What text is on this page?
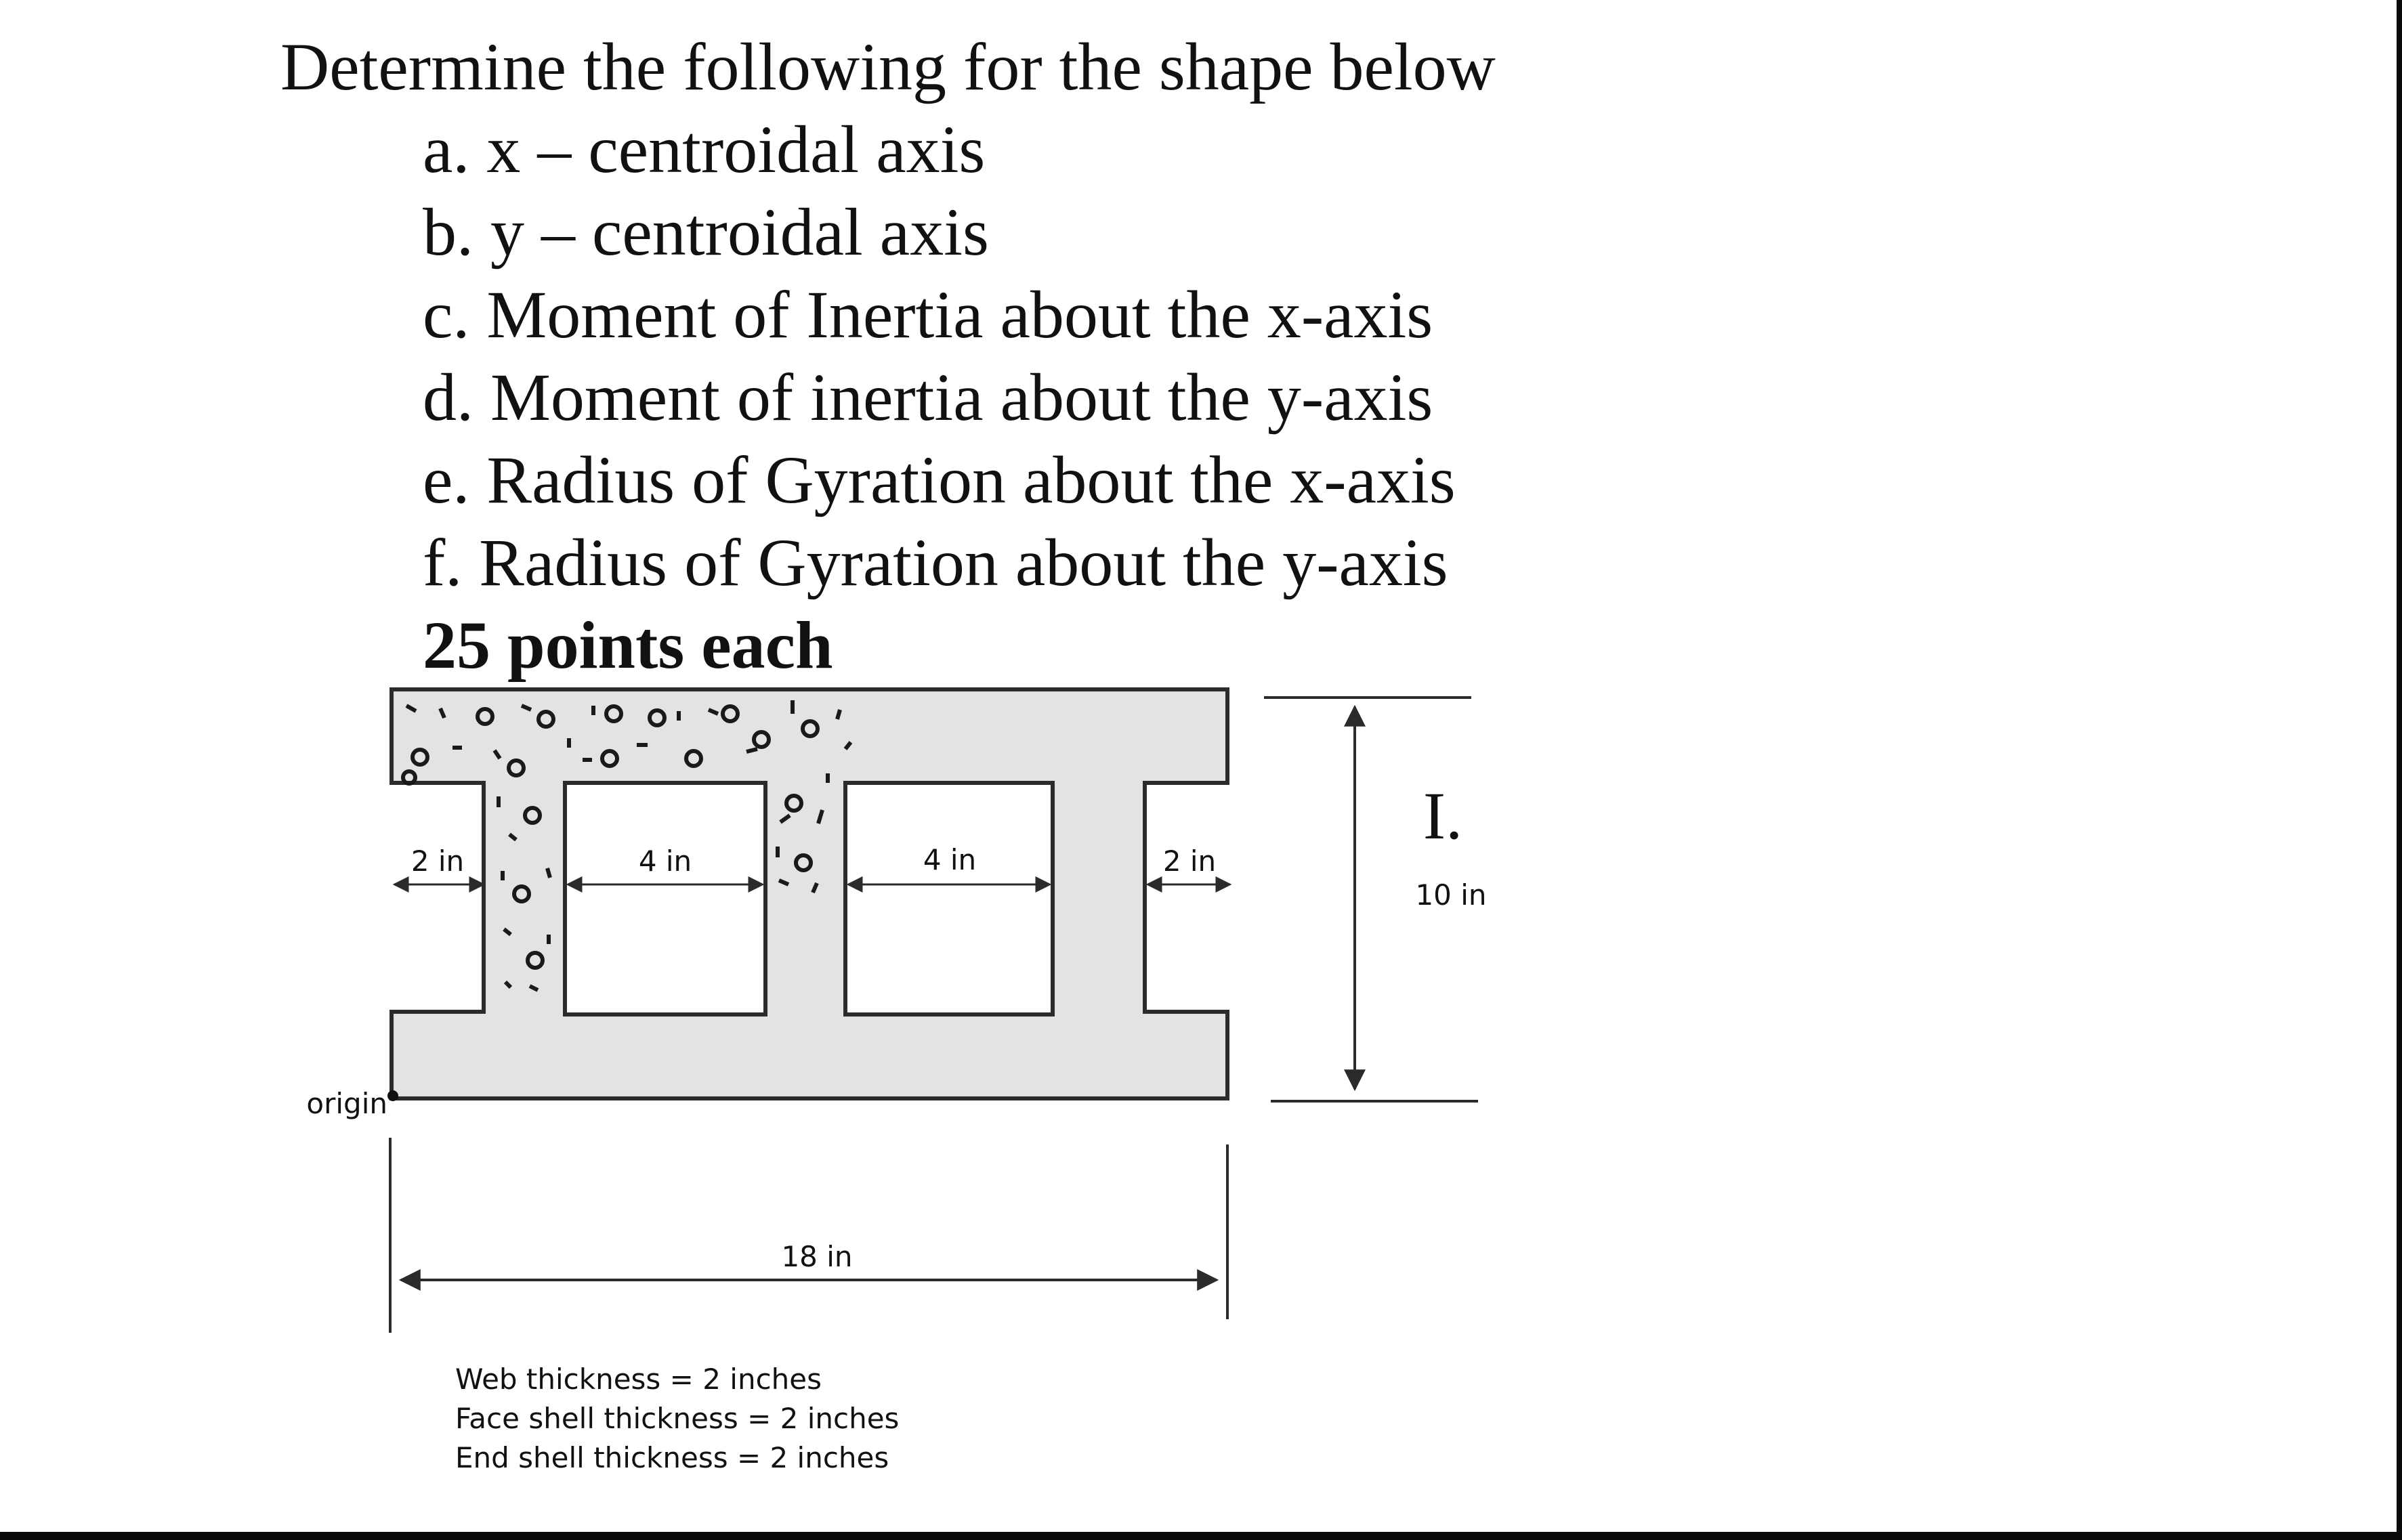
Determine the following for the shape below

a. x – centroidal axis
b. y – centroidal axis
c. Moment of Inertia about the x-axis
d. Moment of inertia about the y-axis
e. Radius of Gyration about the x-axis
f. Radius of Gyration about the y-axis

25 points each

2 in	4 in	4 in	2 in
I.
10 in
origin
18 in
Web thickness = 2 inches
Face shell thickness = 2 inches
End shell thickness = 2 inches
